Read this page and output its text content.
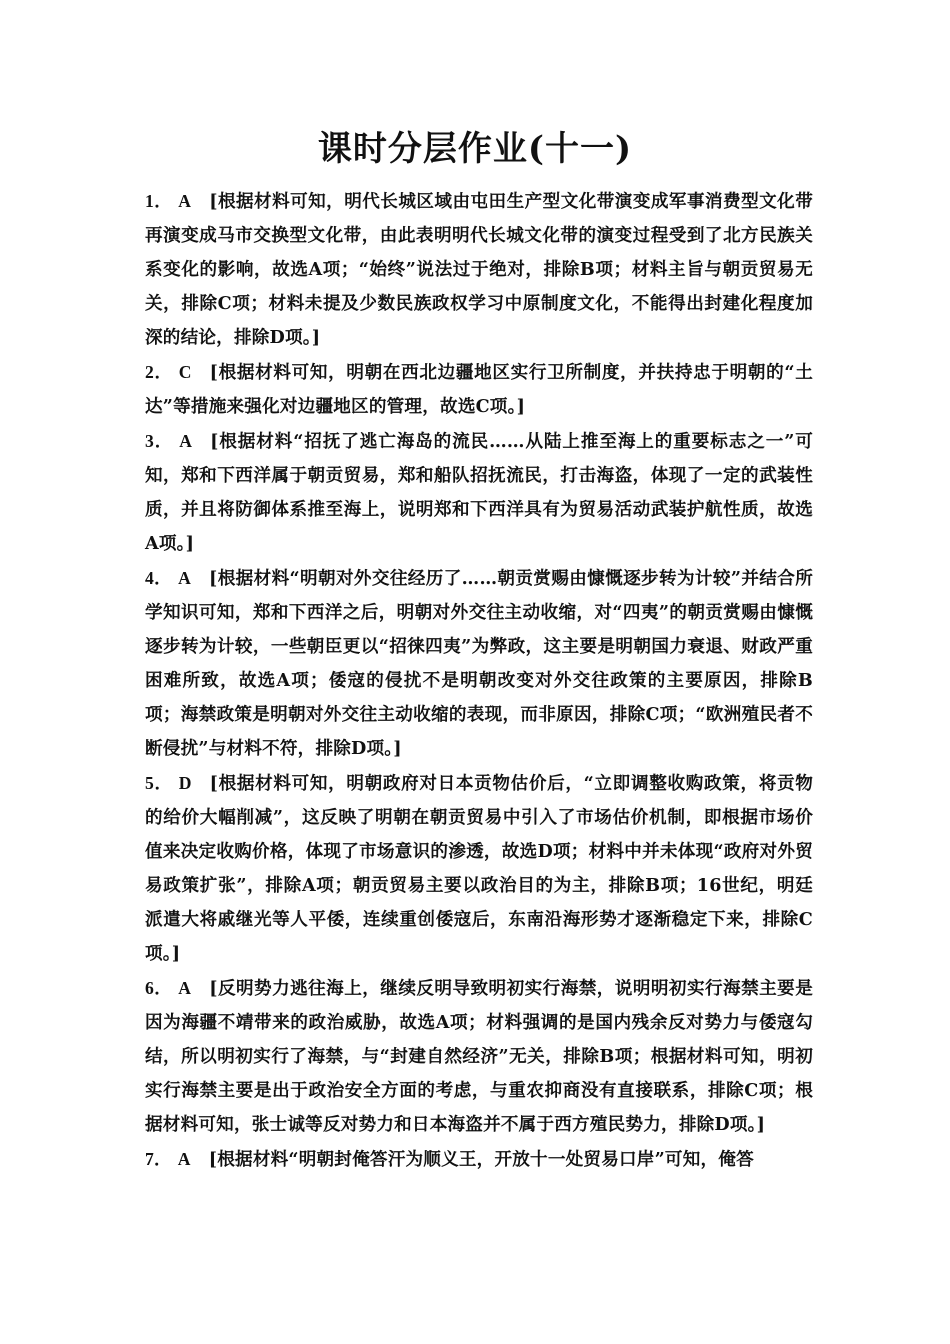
课时分层作业(十一)
1． A [根据材料可知，明代长城区域由屯田生产型文化带演变成军事消费型文化带再演变成马市交换型文化带，由此表明明代长城文化带的演变过程受到了北方民族关系变化的影响，故选A项；“始终”说法过于绝对，排除B项；材料主旨与朝贡贸易无关，排除C项；材料未提及少数民族政权学习中原制度文化，不能得出封建化程度加深的结论，排除D项。]
2． C [根据材料可知，明朝在西北边疆地区实行卫所制度，并扶持忠于明朝的“土达”等措施来强化对边疆地区的管理，故选C项。]
3． A [根据材料“招抚了逃亡海岛的流民……从陆上推至海上的重要标志之一”可知，郑和下西洋属于朝贡贸易，郑和船队招抚流民，打击海盗，体现了一定的武装性质，并且将防御体系推至海上，说明郑和下西洋具有为贸易活动武装护航性质，故选A项。]
4． A [根据材料“明朝对外交往经历了……朝贡赏赐由慷慨逐步转为计较”并结合所学知识可知，郑和下西洋之后，明朝对外交往主动收缩，对“四夷”的朝贡赏赐由慷慨逐步转为计较，一些朝臣更以“招徕四夷”为弊政，这主要是明朝国力衰退、财政严重困难所致，故选A项；倭寇的侵扰不是明朝改变对外交往政策的主要原因，排除B项；海禁政策是明朝对外交往主动收缩的表现，而非原因，排除C项；“欧洲殖民者不断侵扰”与材料不符，排除D项。]
5． D [根据材料可知，明朝政府对日本贡物估价后，“立即调整收购政策，将贡物的给价大幅削减”，这反映了明朝在朝贡贸易中引入了市场估价机制，即根据市场价值来决定收购价格，体现了市场意识的渗透，故选D项；材料中并未体现“政府对外贸易政策扩张”，排除A项；朝贡贸易主要以政治目的为主，排除B项；16世纪，明廷派遣大将戚继光等人平倭，连续重创倭寇后，东南沿海形势才逐渐稳定下来，排除C项。]
6． A [反明势力逃往海上，继续反明导致明初实行海禁，说明明初实行海禁主要是因为海疆不靖带来的政治威胁，故选A项；材料强调的是国内残余反对势力与倭寇勾结，所以明初实行了海禁，与“封建自然经济”无关，排除B项；根据材料可知，明初实行海禁主要是出于政治安全方面的考虑，与重农抑商没有直接联系，排除C项；根据材料可知，张士诚等反对势力和日本海盗并不属于西方殖民势力，排除D项。]
7． A [根据材料“明朝封俺答汗为顺义王，开放十一处贸易口岸”可知，俺答
